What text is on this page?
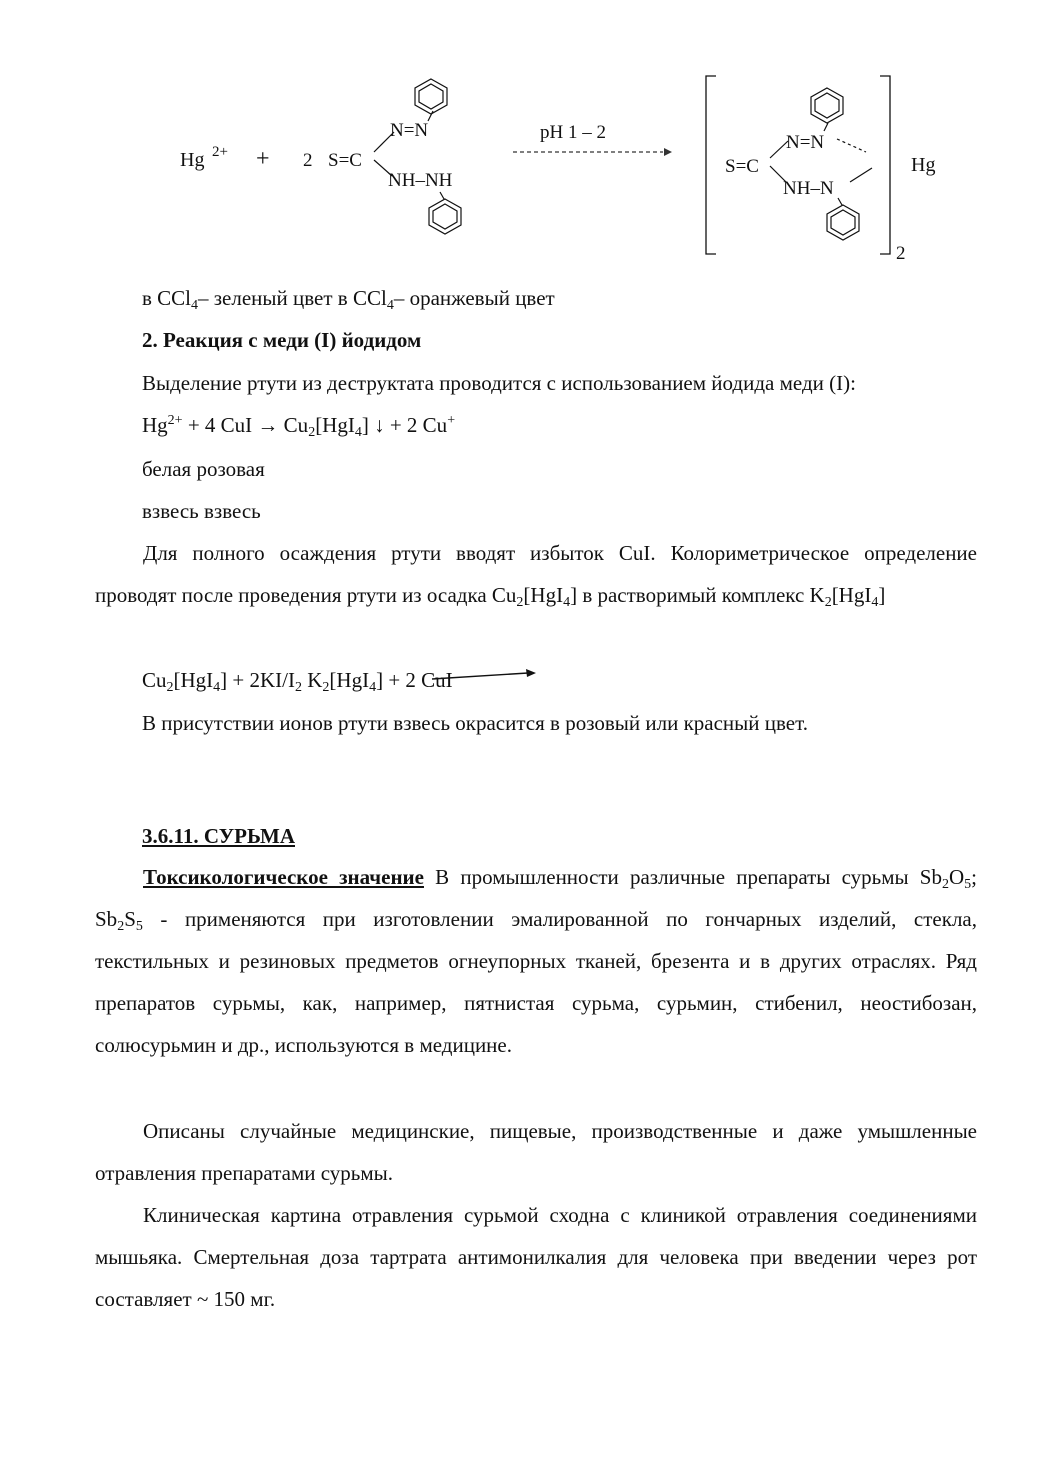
Hg 2+ + 2 S=C
N=N
NH–NH
pH 1 – 2
2
S=C
N=N
NH–N
Hg
в CCl$_4$– зеленый цвет в CCl$_4$– оранжевый цвет
2. Реакция с меди (I) йодидом
Выделение ртути из деструктата проводится с использованием йодида меди (I):
$Hg^{2+} + 4$ CuI → $Cu_2[HgI_4]$ ↓ + 2 Cu+
белая розовая
взвесь взвесь
Для полного осаждения ртути вводят избыток CuI. Колориметрическое определение проводят после проведения ртути из осадка $Cu_2[HgI_4]$ в растворимый комплекс $K_2[HgI_4]$
$Cu_2[HgI_4] + 2KI/I_2$ $K_2[HgI_4] + 2$ CuI
В присутствии ионов ртути взвесь окрасится в розовый или красный цвет.
3.6.11. СУРЬМА
Токсикологическое значение В промышленности различные препараты сурьмы $Sb_2O_5$; $Sb_2S_5$ - применяются при изготовлении эмалированной по гончарных изделий, стекла, текстильных и резиновых предметов огнеупорных тканей, брезента и в других отраслях. Ряд препаратов сурьмы, как, например, пятнистая сурьма, сурьмин, стибенил, неостибозан, солюсурьмин и др., используются в медицине.
Описаны случайные медицинские, пищевые, производственные и даже умышленные отравления препаратами сурьмы.
Клиническая картина отравления сурьмой сходна с клиникой отравления соединениями мышьяка. Смертельная доза тартрата антимонилкалия для человека при введении через рот составляет ~ 150 мг.
